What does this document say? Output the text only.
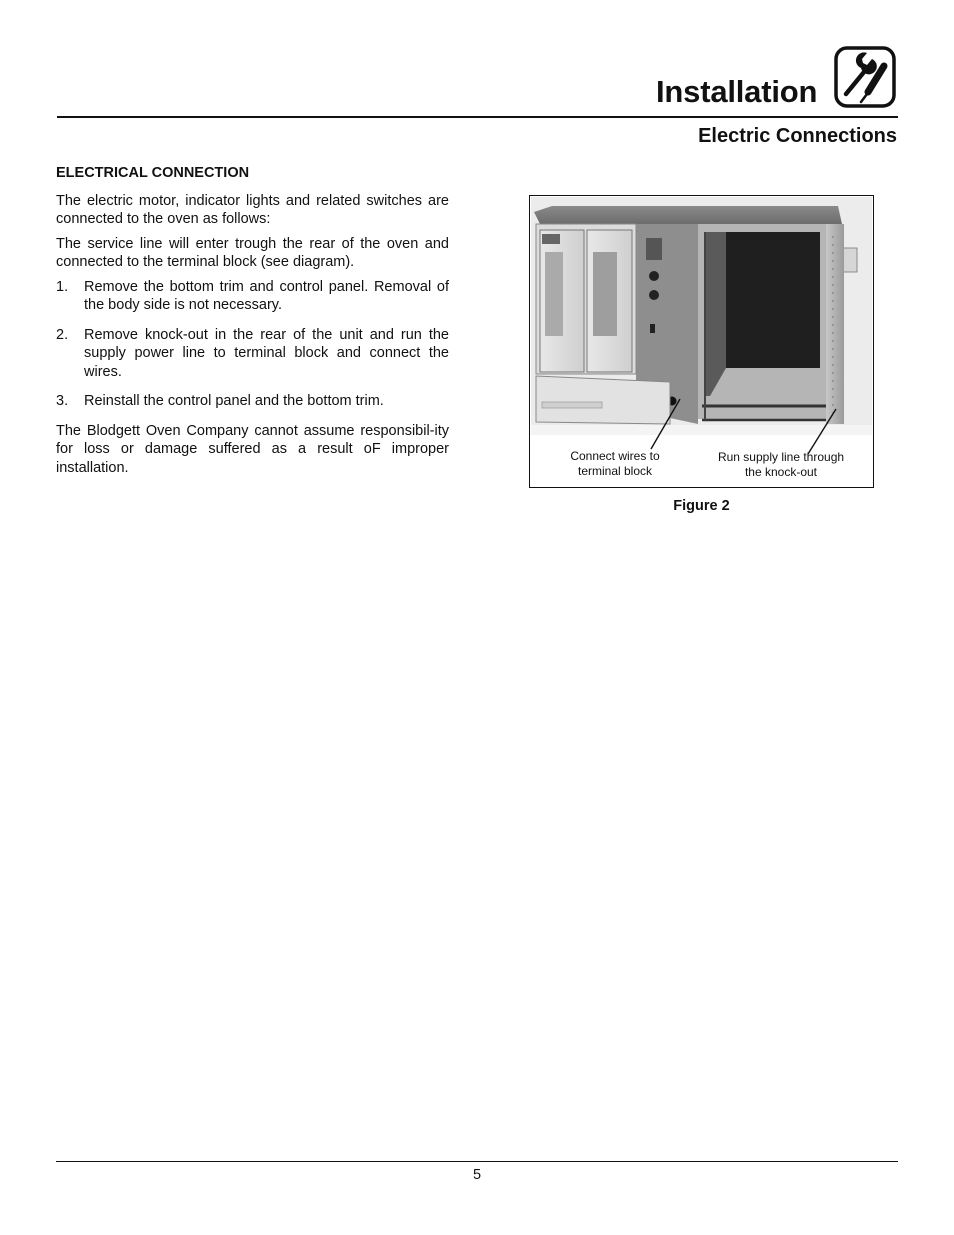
Installation
Electric Connections
ELECTRICAL CONNECTION

The electric motor, indicator lights and related switches are connected to the oven as follows:

The service line will enter trough the rear of the oven and connected to the terminal block (see diagram).

1.	Remove the bottom trim and control panel. Removal of the body side is not necessary.
2.	Remove knock-out in the rear of the unit and run the supply power line to terminal block and connect the wires.
3.	Reinstall the control panel and the bottom trim.

The Blodgett Oven Company cannot assume responsibil-ity for loss or damage suffered as a result oF improper installation.

Connect wires to terminal block
Run supply line through the knock-out
Figure 2
5
